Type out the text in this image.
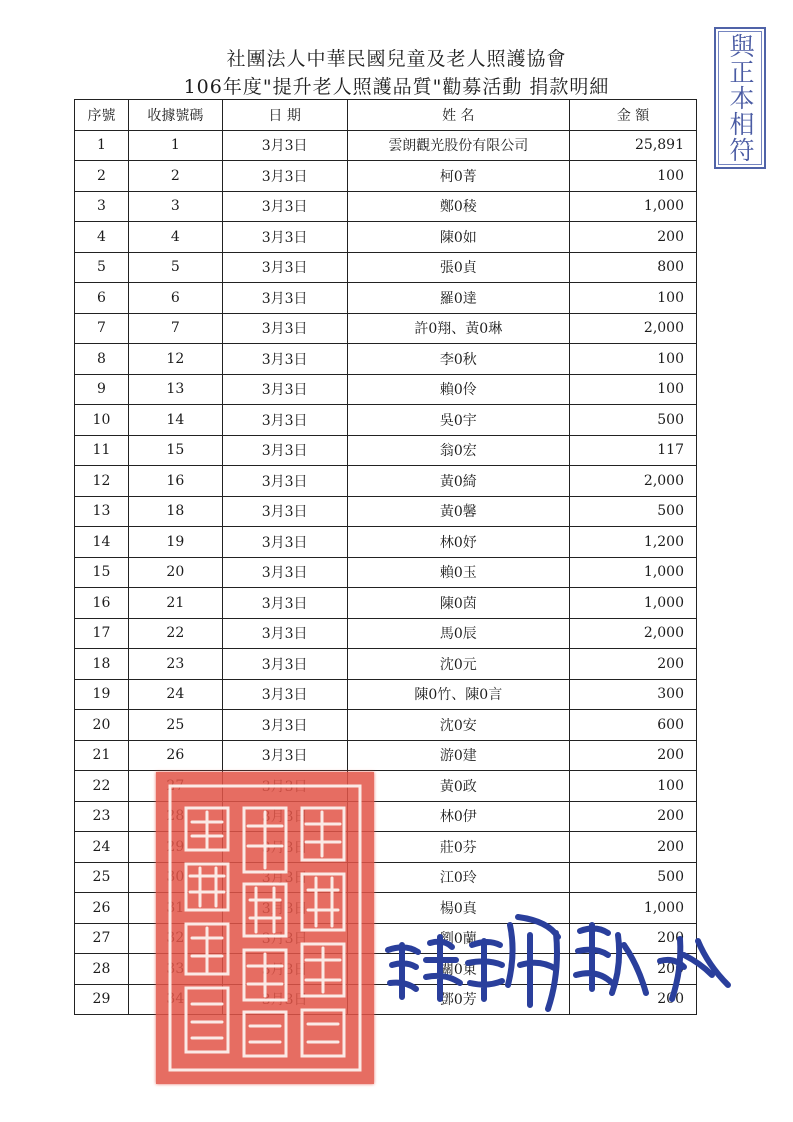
社團法人中華民國兒童及老人照護協會
106年度"提升老人照護品質"勸募活動 捐款明細	與正本相符
序號	收據號碼	日 期	姓 名	金 額
1	1	3月3日	雲朗觀光股份有限公司	25,891
2	2	3月3日	柯0菁	100
3	3	3月3日	鄭0稜	1,000
4	4	3月3日	陳0如	200
5	5	3月3日	張0貞	800
6	6	3月3日	羅0達	100
7	7	3月3日	許0翔、黃0琳	2,000
8	12	3月3日	李0秋	100
9	13	3月3日	賴0伶	100
10	14	3月3日	吳0宇	500
11	15	3月3日	翁0宏	117
12	16	3月3日	黃0綺	2,000
13	18	3月3日	黃0馨	500
14	19	3月3日	林0妤	1,200
15	20	3月3日	賴0玉	1,000
16	21	3月3日	陳0茵	1,000
17	22	3月3日	馬0辰	2,000
18	23	3月3日	沈0元	200
19	24	3月3日	陳0竹、陳0言	300
20	25	3月3日	沈0安	600
21	26	3月3日	游0建	200
22			黃0政	100
23			林0伊	200
24			莊0芬	200
25			江0玲	500
26			楊0真	1,000
27			劉0蘭	200
28			關0東	200
29			鄧0芳	200
